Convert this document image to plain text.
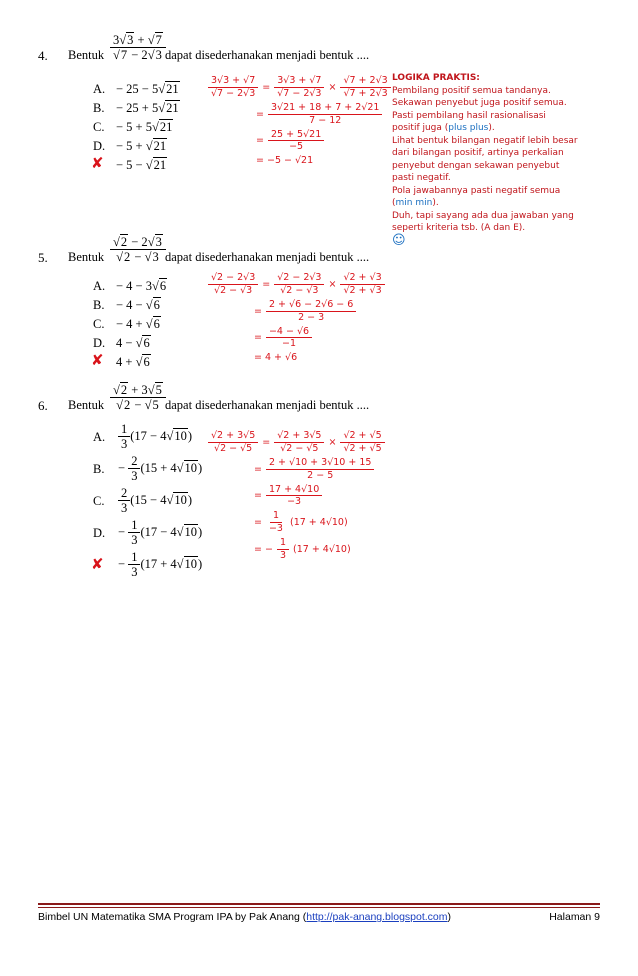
4. Bentuk $\frac{3√3 + √7}{√7 - 2√3}$ dapat disederhanakan menjadi bentuk ....
A. − 25 − 5√21
B. − 25 + 5√21
C. − 5 + 5√21
D. − 5 + √21
✘ − 5 − √21
$\frac{3√3 + √7}{√7 - 2√3} = \frac{3√3 + √7}{√7 - 2√3} \times \frac{√7 + 2√3}{√7 + 2√3}$
= $\frac{3√21 + 18 + 7 + 2√21}{7 - 12}$
= $\frac{25 + 5√21}{-5}$
= −5 − √21
LOGIKA PRAKTIS:
Pembilang positif semua tandanya.
Sekawan penyebut juga positif semua.
Pasti pembilang hasil rasionalisasi
positif juga (plus plus).
Lihat bentuk bilangan negatif lebih besar
dari bilangan positif, artinya perkalian
penyebut dengan sekawan penyebut
pasti negatif.
Pola jawabannya pasti negatif semua
(min min).
Duh, tapi sayang ada dua jawaban yang
seperti kriteria tsb. (A dan E).
☺
5. Bentuk $\frac{√2 - 2√3}{√2 - √3}$ dapat disederhanakan menjadi bentuk ....
A. − 4 − 3√6
B. − 4 − √6
C. − 4 + √6
D. 4 − √6
✘ 4 + √6
$\frac{√2 - 2√3}{√2 - √3} = \frac{√2 - 2√3}{√2 - √3} \times \frac{√2 + √3}{√2 + √3}$
= $\frac{2 + √6 - 2√6 - 6}{2 - 3}$
= $\frac{-4 - √6}{-1}$
= 4 + √6
6. Bentuk $\frac{√2 + 3√5}{√2 - √5}$ dapat disederhanakan menjadi bentuk ....
A. $\frac{1}{3} (17 - 4√10)$
B. − $\frac{2}{3} (15 + 4√10)$
C. $\frac{2}{3} (15 - 4√10)$
D. − $\frac{1}{3} (17 - 4√10)$
✘ − $\frac{1}{3} (17 + 4√10)$
$\frac{√2 + 3√5}{√2 - √5} = \frac{√2 + 3√5}{√2 - √5} \times \frac{√2 + √5}{√2 + √5}$
= $\frac{2 + √10 + 3√10 + 15}{2 - 5}$
= $\frac{17 + 4√10}{-3}$
= $\frac{1}{-3} (17 + 4√10)$
= − $\frac{1}{3} (17 + 4√10)$
Bimbel UN Matematika SMA Program IPA by Pak Anang (http://pak-anang.blogspot.com)	Halaman 9
